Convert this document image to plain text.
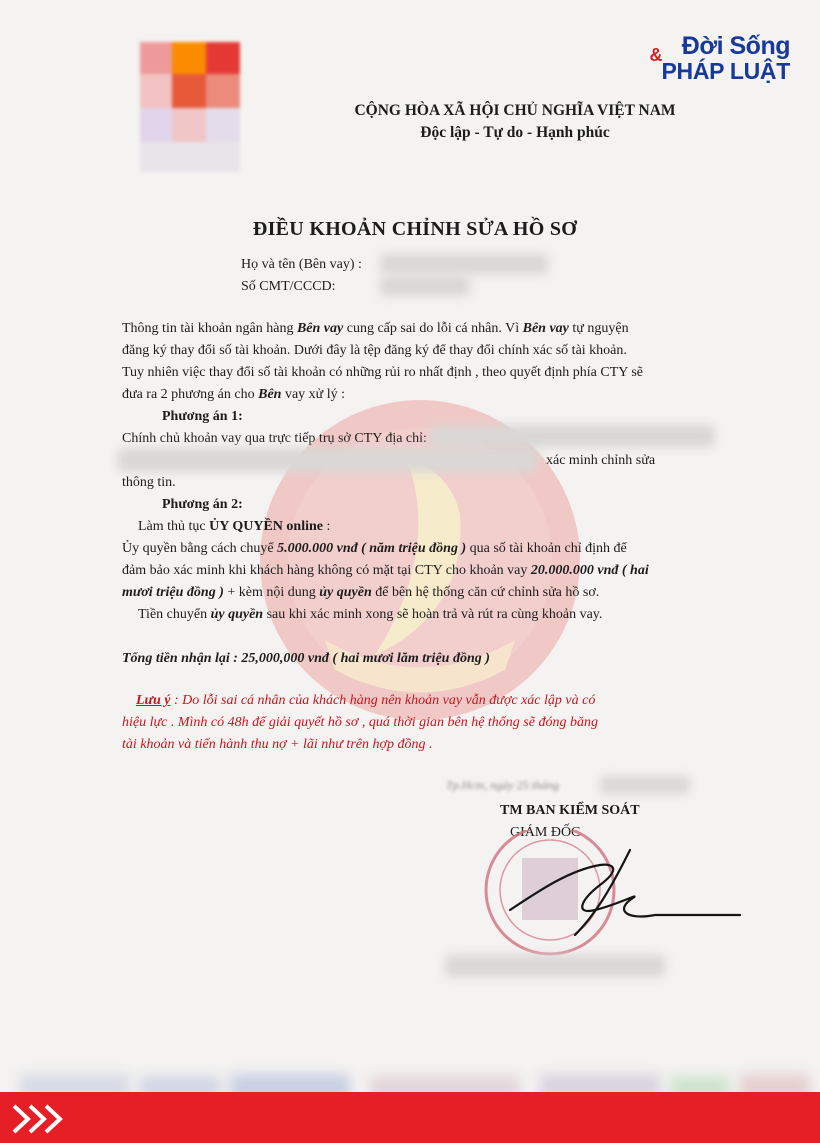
& Đời Sống
PHÁP LUẬT
CỘNG HÒA XÃ HỘI CHỦ NGHĨA VIỆT NAM
Độc lập - Tự do - Hạnh phúc
ĐIỀU KHOẢN CHỈNH SỬA HỒ SƠ
Họ và tên (Bên vay) :
Số CMT/CCCD:
Thông tin tài khoản ngân hàng Bên vay cung cấp sai do lỗi cá nhân. Vì Bên vay tự nguyện
đăng ký thay đổi số tài khoản. Dưới đây là tệp đăng ký để thay đổi chính xác số tài khoản.
Tuy nhiên việc thay đổi số tài khoản có những rủi ro nhất định , theo quyết định phía CTY sẽ
đưa ra 2 phương án cho Bên vay xử lý :
Phương án 1:
Chính chủ khoản vay qua trực tiếp trụ sở CTY địa chỉ:
xác minh chỉnh sửa
thông tin.
Phương án 2:
Làm thủ tục ỦY QUYỀN online :
Ủy quyền bằng cách chuyể 5.000.000 vnđ ( năm triệu đồng ) qua số tài khoản chỉ định để
đảm bảo xác minh khi khách hàng không có mặt tại CTY cho khoản vay 20.000.000 vnđ ( hai
mươi triệu đồng ) + kèm nội dung ủy quyền để bên hệ thống căn cứ chỉnh sửa hồ sơ.
Tiền chuyển ủy quyền sau khi xác minh xong sẽ hoàn trả và rút ra cùng khoản vay.
Tổng tiền nhận lại : 25,000,000 vnđ ( hai mươi lăm triệu đồng )
Lưu ý : Do lỗi sai cá nhân của khách hàng nên khoản vay vẫn được xác lập và có
hiệu lực . Mình có 48h để giải quyết hồ sơ , quá thời gian bên hệ thống sẽ đóng băng
tài khoản và tiến hành thu nợ + lãi như trên hợp đồng .
Tp.Hcm, ngày 25 tháng
TM BAN KIỂM SOÁT
GIÁM ĐỐC
